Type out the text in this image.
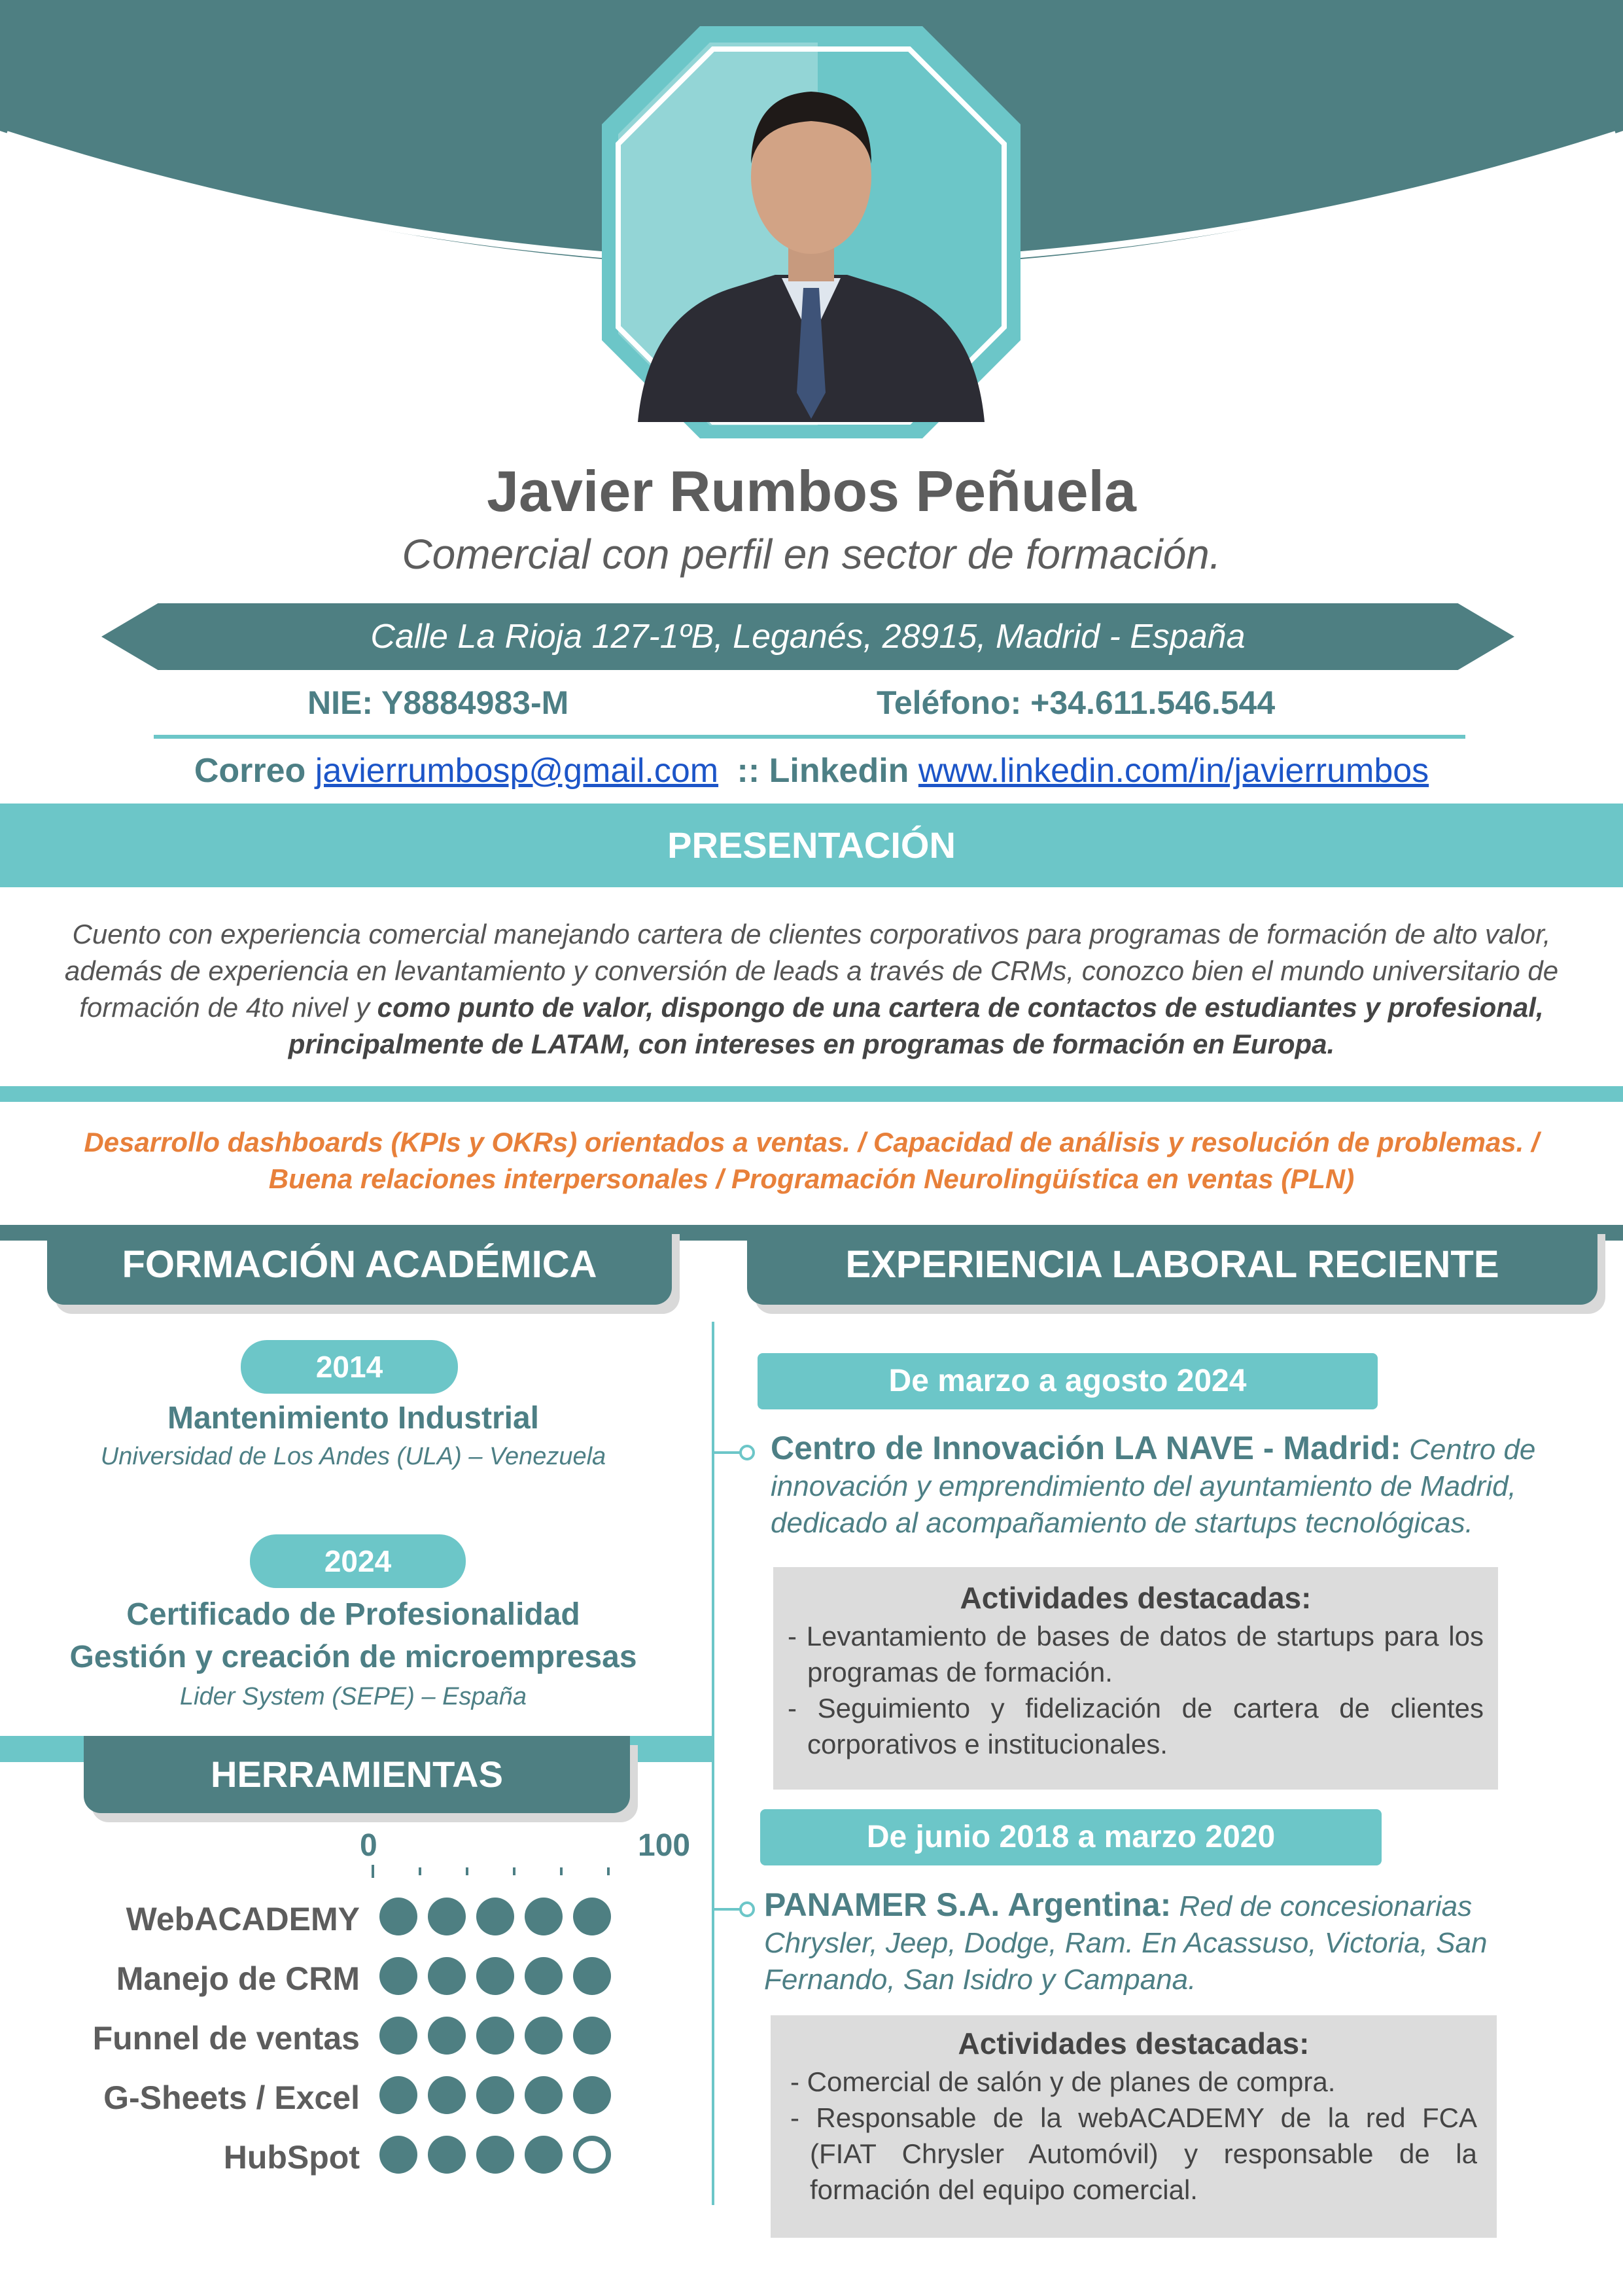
Javier Rumbos Peñuela
Comercial con perfil en sector de formación.
Calle La Rioja 127-1ºB, Leganés, 28915, Madrid - España
NIE: Y8884983-M	Teléfono: +34.611.546.544
Correo javierrumbosp@gmail.com :: Linkedin www.linkedin.com/in/javierrumbos
PRESENTACIÓN
Cuento con experiencia comercial manejando cartera de clientes corporativos para programas de formación de alto valor, además de experiencia en levantamiento y conversión de leads a través de CRMs, conozco bien el mundo universitario de formación de 4to nivel y como punto de valor, dispongo de una cartera de contactos de estudiantes y profesional, principalmente de LATAM, con intereses en programas de formación en Europa.
Desarrollo dashboards (KPIs y OKRs) orientados a ventas. / Capacidad de análisis y resolución de problemas. /
Buena relaciones interpersonales / Programación Neurolingüística en ventas (PLN)
FORMACIÓN ACADÉMICA	EXPERIENCIA LABORAL RECIENTE
2014
Mantenimiento Industrial
Universidad de Los Andes (ULA) – Venezuela
2024
Certificado de Profesionalidad
Gestión y creación de microempresas
Lider System (SEPE) – España
HERRAMIENTAS
0	100
WebACADEMY
Manejo de CRM
Funnel de ventas
G-Sheets / Excel
HubSpot
De marzo a agosto 2024
Centro de Innovación LA NAVE - Madrid: Centro de innovación y emprendimiento del ayuntamiento de Madrid, dedicado al acompañamiento de startups tecnológicas.
Actividades destacadas:
- Levantamiento de bases de datos de startups para los programas de formación.
- Seguimiento y fidelización de cartera de clientes corporativos e institucionales.
De junio 2018 a marzo 2020
PANAMER S.A. Argentina: Red de concesionarias Chrysler, Jeep, Dodge, Ram. En Acassuso, Victoria, San Fernando, San Isidro y Campana.
Actividades destacadas:
- Comercial de salón y de planes de compra.
- Responsable de la webACADEMY de la red FCA (FIAT Chrysler Automóvil) y responsable de la formación del equipo comercial.
